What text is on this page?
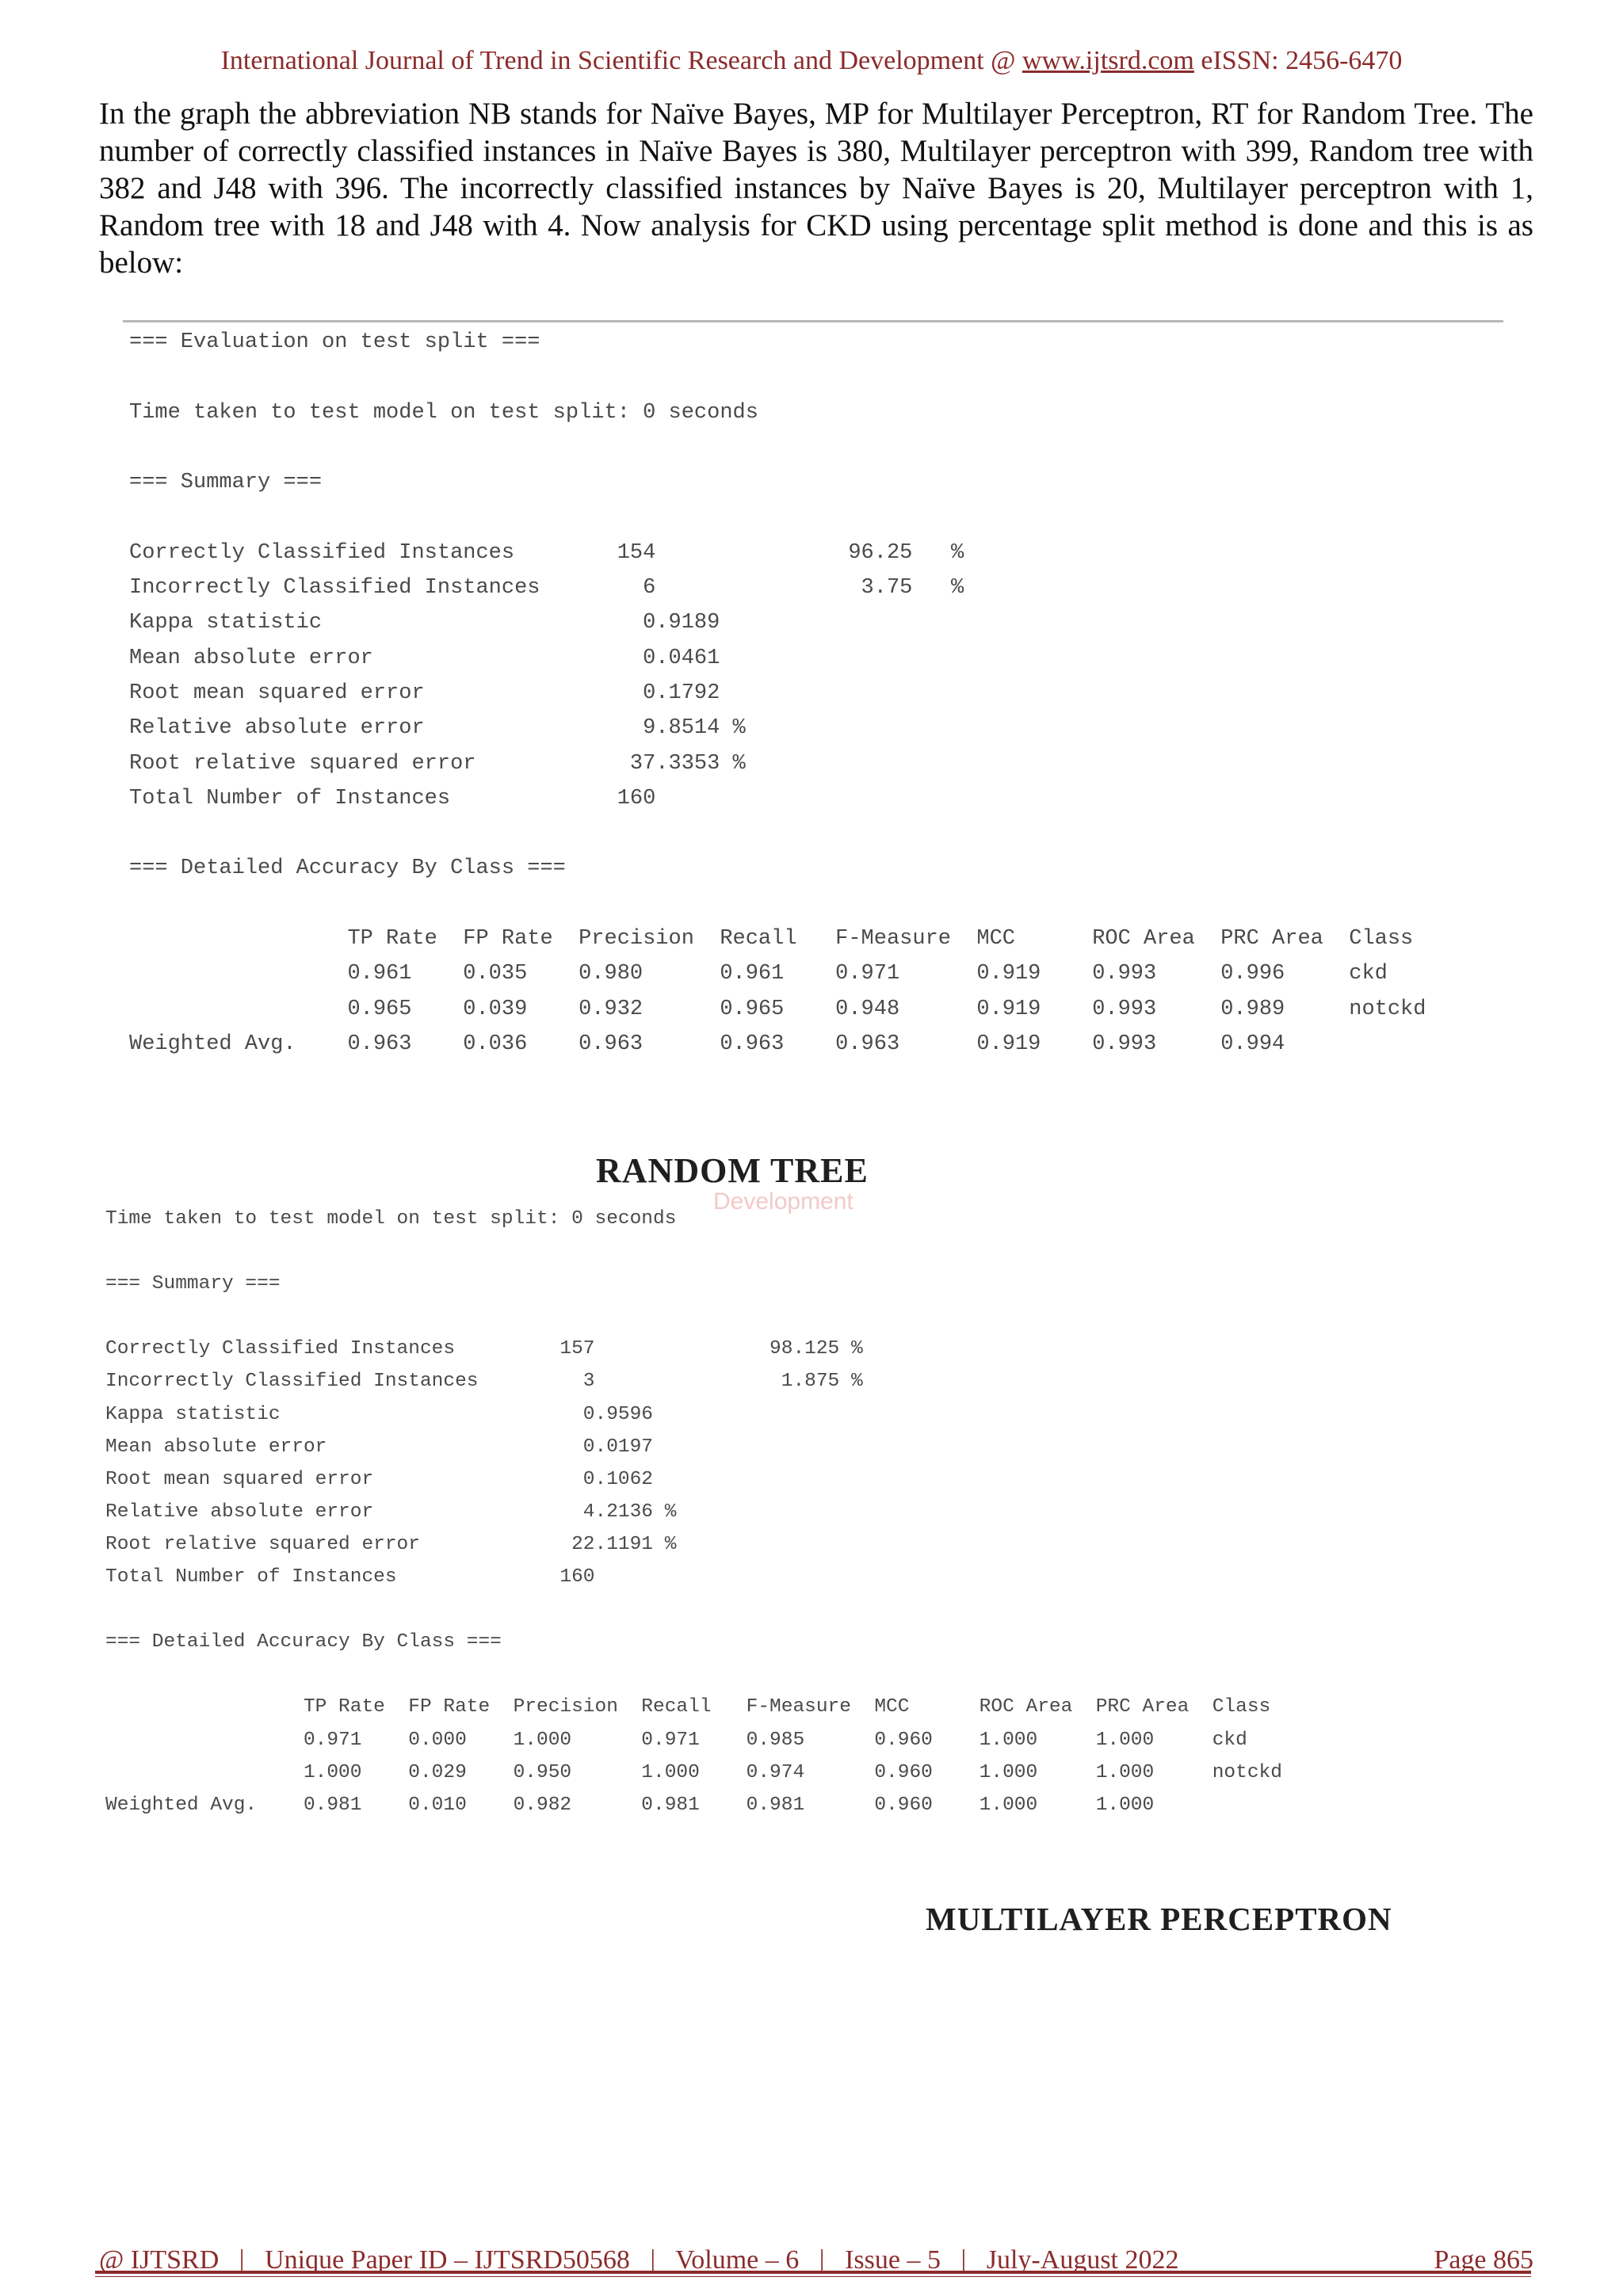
International Journal of Trend in Scientific Research and Development @ www.ijtsrd.com eISSN: 2456-6470
In the graph the abbreviation NB stands for Naïve Bayes, MP for Multilayer Perceptron, RT for Random Tree. The number of correctly classified instances in Naïve Bayes is 380, Multilayer perceptron with 399, Random tree with 382 and J48 with 396. The incorrectly classified instances by Naïve Bayes is 20, Multilayer perceptron with 1, Random tree with 18 and J48 with 4. Now analysis for CKD using percentage split method is done and this is as below:
=== Evaluation on test split ===

Time taken to test model on test split: 0 seconds

=== Summary ===

Correctly Classified Instances        154               96.25   %
Incorrectly Classified Instances        6                3.75   %
Kappa statistic                         0.9189
Mean absolute error                     0.0461
Root mean squared error                 0.1792
Relative absolute error                 9.8514 %
Root relative squared error            37.3353 %
Total Number of Instances             160

=== Detailed Accuracy By Class ===

TP Rate  FP Rate  Precision  Recall   F-Measure  MCC      ROC Area  PRC Area  Class
0.961    0.035    0.980      0.961    0.971      0.919    0.993     0.996     ckd
0.965    0.039    0.932      0.965    0.948      0.919    0.993     0.989     notckd
Weighted Avg.    0.963    0.036    0.963      0.963    0.963      0.919    0.993     0.994
RANDOM TREE
Development
Time taken to test model on test split: 0 seconds

=== Summary ===

Correctly Classified Instances         157               98.125 %
Incorrectly Classified Instances         3                1.875 %
Kappa statistic                          0.9596
Mean absolute error                      0.0197
Root mean squared error                  0.1062
Relative absolute error                  4.2136 %
Root relative squared error             22.1191 %
Total Number of Instances              160

=== Detailed Accuracy By Class ===

TP Rate  FP Rate  Precision  Recall   F-Measure  MCC      ROC Area  PRC Area  Class
0.971    0.000    1.000      0.971    0.985      0.960    1.000     1.000     ckd
1.000    0.029    0.950      1.000    0.974      0.960    1.000     1.000     notckd
Weighted Avg.    0.981    0.010    0.982      0.981    0.981      0.960    1.000     1.000
MULTILAYER PERCEPTRON
@ IJTSRD   |   Unique Paper ID – IJTSRD50568   |   Volume – 6   |   Issue – 5   |   July-August 2022	Page 865
